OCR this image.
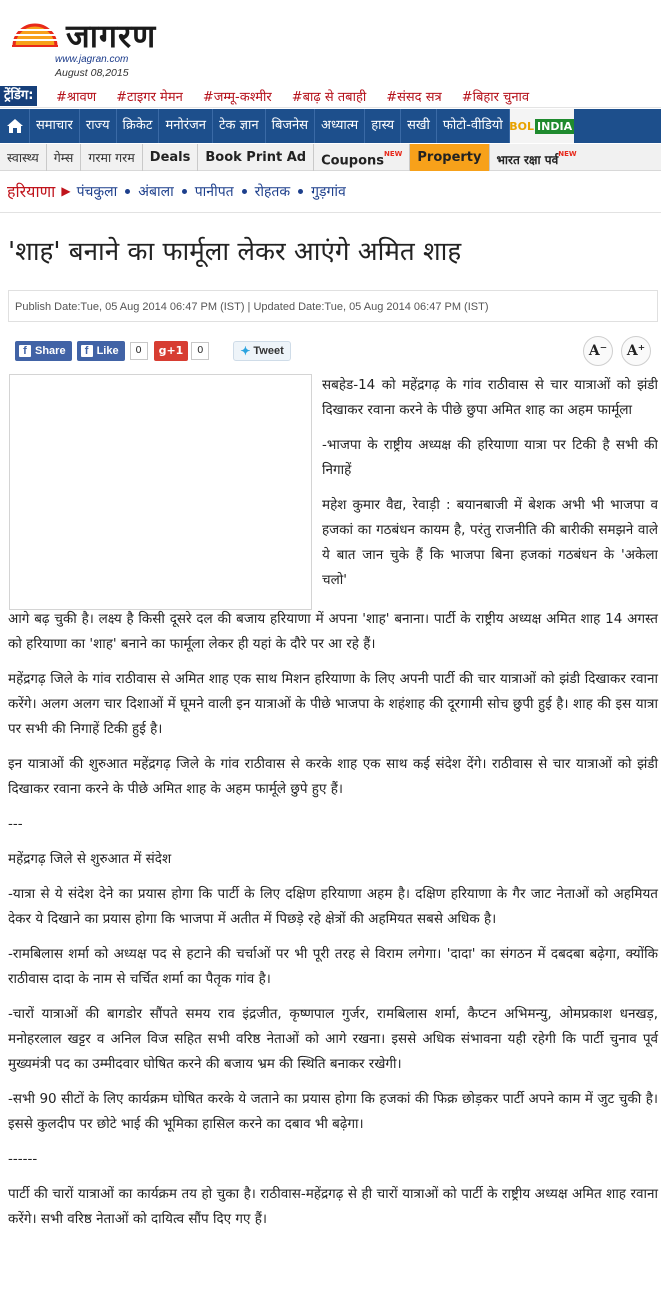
जागरण
www.jagran.com
August 08,2015
ट्रेंडिंग:	#श्रावण #टाइगर मेमन #जम्मू-कश्मीर #बाढ़ से तबाही #संसद सत्र #बिहार चुनाव
समाचार	राज्य	क्रिकेट	मनोरंजन	टेक ज्ञान	बिजनेस	अध्यात्म	हास्य	सखी	फोटो-वीडियो BOL INDIA
स्वास्थ्य	गेम्स	गरमा गरम	Deals	Book Print Ad	Coupons$^{NEW}$	Property	भारत रक्षा पर्व$^{NEW}$
हरियाणा ▶ पंचकुला अंबाला पानीपत रोहतक गुड़गांव
'शाह' बनाने का फार्मूला लेकर आएंगे अमित शाह
Publish Date:Tue, 05 Aug 2014 06:47 PM (IST) | Updated Date:Tue, 05 Aug 2014 06:47 PM (IST)
f Share	f Like	0	g+1	0	✦ Tweet	A⁻	A⁺

सबहेड-14 को महेंद्रगढ़ के गांव राठीवास से चार यात्राओं को झंडी दिखाकर रवाना करने के पीछे छुपा अमित शाह का अहम फार्मूला

-भाजपा के राष्ट्रीय अध्यक्ष की हरियाणा यात्रा पर टिकी है सभी की निगाहें

महेश कुमार वैद्य, रेवाड़ी : बयानबाजी में बेशक अभी भी भाजपा व हजकां का गठबंधन कायम है, परंतु राजनीति की बारीकी समझने वाले ये बात जान चुके हैं कि भाजपा बिना हजकां गठबंधन के 'अकेला चलो'

आगे बढ़ चुकी है। लक्ष्य है किसी दूसरे दल की बजाय हरियाणा में अपना 'शाह' बनाना। पार्टी के राष्ट्रीय अध्यक्ष अमित शाह 14 अगस्त को हरियाणा का 'शाह' बनाने का फार्मूला लेकर ही यहां के दौरे पर आ रहे हैं।

महेंद्रगढ़ जिले के गांव राठीवास से अमित शाह एक साथ मिशन हरियाणा के लिए अपनी पार्टी की चार यात्राओं को झंडी दिखाकर रवाना करेंगे। अलग अलग चार दिशाओं में घूमने वाली इन यात्राओं के पीछे भाजपा के शहंशाह की दूरगामी सोच छुपी हुई है। शाह की इस यात्रा पर सभी की निगाहें टिकी हुई है।

इन यात्राओं की शुरुआत महेंद्रगढ़ जिले के गांव राठीवास से करके शाह एक साथ कई संदेश देंगे। राठीवास से चार यात्राओं को झंडी दिखाकर रवाना करने के पीछे अमित शाह के अहम फार्मूले छुपे हुए हैं।

---

महेंद्रगढ़ जिले से शुरुआत में संदेश

-यात्रा से ये संदेश देने का प्रयास होगा कि पार्टी के लिए दक्षिण हरियाणा अहम है। दक्षिण हरियाणा के गैर जाट नेताओं को अहमियत देकर ये दिखाने का प्रयास होगा कि भाजपा में अतीत में पिछड़े रहे क्षेत्रों की अहमियत सबसे अधिक है।

-रामबिलास शर्मा को अध्यक्ष पद से हटाने की चर्चाओं पर भी पूरी तरह से विराम लगेगा। 'दादा' का संगठन में दबदबा बढ़ेगा, क्योंकि राठीवास दादा के नाम से चर्चित शर्मा का पैतृक गांव है।

-चारों यात्राओं की बागडोर सौंपते समय राव इंद्रजीत, कृष्णपाल गुर्जर, रामबिलास शर्मा, कैप्टन अभिमन्यु, ओमप्रकाश धनखड़, मनोहरलाल खट्टर व अनिल विज सहित सभी वरिष्ठ नेताओं को आगे रखना। इससे अधिक संभावना यही रहेगी कि पार्टी चुनाव पूर्व मुख्यमंत्री पद का उम्मीदवार घोषित करने की बजाय भ्रम की स्थिति बनाकर रखेगी।

-सभी 90 सीटों के लिए कार्यक्रम घोषित करके ये जताने का प्रयास होगा कि हजकां की फिक्र छोड़कर पार्टी अपने काम में जुट चुकी है। इससे कुलदीप पर छोटे भाई की भूमिका हासिल करने का दबाव भी बढ़ेगा।

------

पार्टी की चारों यात्राओं का कार्यक्रम तय हो चुका है। राठीवास-महेंद्रगढ़ से ही चारों यात्राओं को पार्टी के राष्ट्रीय अध्यक्ष अमित शाह रवाना करेंगे। सभी वरिष्ठ नेताओं को दायित्व सौंप दिए गए हैं।
